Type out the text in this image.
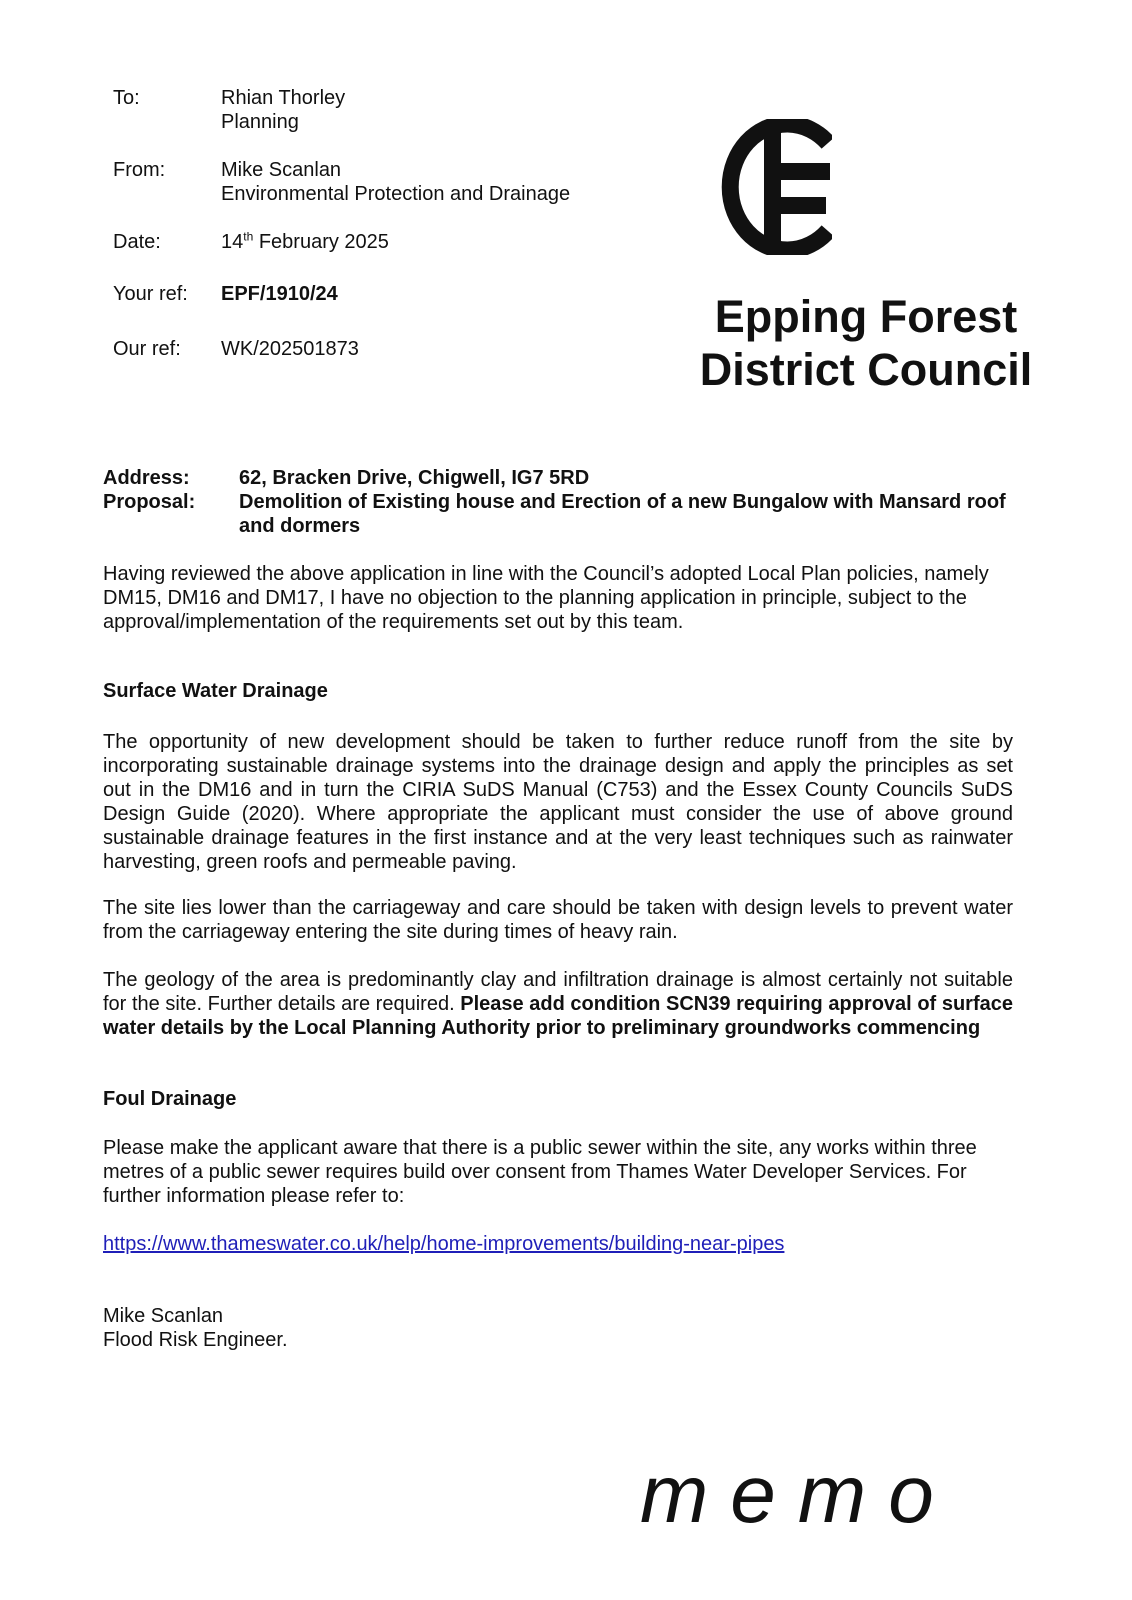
To:	Rhian Thorley
Planning
From:	Mike Scanlan
Environmental Protection and Drainage
Date:	14th February 2025
Your ref: EPF/1910/24
Our ref: WK/202501873
Epping Forest
District Council
Address: 62, Bracken Drive, Chigwell, IG7 5RD
Proposal: Demolition of Existing house and Erection of a new Bungalow with Mansard roof and dormers
Having reviewed the above application in line with the Council’s adopted Local Plan policies, namely DM15, DM16 and DM17, I have no objection to the planning application in principle, subject to the approval/implementation of the requirements set out by this team.
Surface Water Drainage
The opportunity of new development should be taken to further reduce runoff from the site by incorporating sustainable drainage systems into the drainage design and apply the principles as set out in the DM16 and in turn the CIRIA SuDS Manual (C753) and the Essex County Councils SuDS Design Guide (2020). Where appropriate the applicant must consider the use of above ground sustainable drainage features in the first instance and at the very least techniques such as rainwater harvesting, green roofs and permeable paving.
The site lies lower than the carriageway and care should be taken with design levels to prevent water from the carriageway entering the site during times of heavy rain.
The geology of the area is predominantly clay and infiltration drainage is almost certainly not suitable for the site. Further details are required. Please add condition SCN39 requiring approval of surface water details by the Local Planning Authority prior to preliminary groundworks commencing
Foul Drainage
Please make the applicant aware that there is a public sewer within the site, any works within three metres of a public sewer requires build over consent from Thames Water Developer Services. For further information please refer to:
https://www.thameswater.co.uk/help/home-improvements/building-near-pipes
Mike Scanlan
Flood Risk Engineer.
memo
